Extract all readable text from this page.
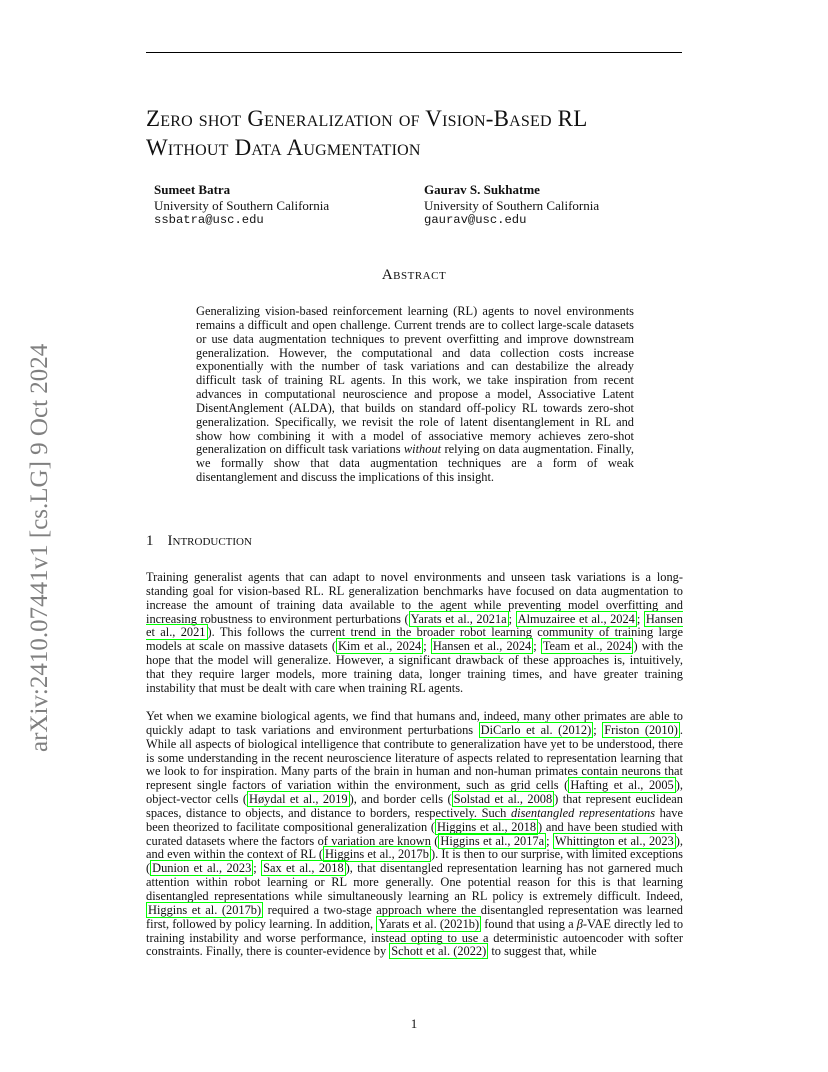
arXiv:2410.07441v1 [cs.LG] 9 Oct 2024
Zero shot Generalization of Vision-Based RL
Without Data Augmentation
Sumeet Batra
University of Southern California
ssbatra@usc.edu
Gaurav S. Sukhatme
University of Southern California
gaurav@usc.edu
Abstract
Generalizing vision-based reinforcement learning (RL) agents to novel environments remains a difficult and open challenge. Current trends are to collect large-scale datasets or use data augmentation techniques to prevent overfitting and improve downstream generalization. However, the computational and data collection costs increase exponentially with the number of task variations and can destabilize the already difficult task of training RL agents. In this work, we take inspiration from recent advances in computational neuroscience and propose a model, Associative Latent DisentAnglement (ALDA), that builds on standard off-policy RL towards zero-shot generalization. Specifically, we revisit the role of latent disentanglement in RL and show how combining it with a model of associative memory achieves zero-shot generalization on difficult task variations without relying on data augmentation. Finally, we formally show that data augmentation techniques are a form of weak disentanglement and discuss the implications of this insight.
1 Introduction
Training generalist agents that can adapt to novel environments and unseen task variations is a long-standing goal for vision-based RL. RL generalization benchmarks have focused on data augmentation to increase the amount of training data available to the agent while preventing model overfitting and increasing robustness to environment perturbations ( Yarats et al., 2021a ; Almuzairee et al., 2024 ; Hansen et al., 2021 ). This follows the current trend in the broader robot learning community of training large models at scale on massive datasets ( Kim et al., 2024 ; Hansen et al., 2024 ; Team et al., 2024 ) with the hope that the model will generalize. However, a significant drawback of these approaches is, intuitively, that they require larger models, more training data, longer training times, and have greater training instability that must be dealt with care when training RL agents.
Yet when we examine biological agents, we find that humans and, indeed, many other primates are able to quickly adapt to task variations and environment perturbations DiCarlo et al. (2012) ; Friston (2010) . While all aspects of biological intelligence that contribute to generalization have yet to be understood, there is some understanding in the recent neuroscience literature of aspects related to representation learning that we look to for inspiration. Many parts of the brain in human and non-human primates contain neurons that represent single factors of variation within the environment, such as grid cells ( Hafting et al., 2005 ), object-vector cells ( Høydal et al., 2019 ), and border cells ( Solstad et al., 2008 ) that represent euclidean spaces, distance to objects, and distance to borders, respectively. Such disentangled representations have been theorized to facilitate compositional generalization ( Higgins et al., 2018 ) and have been studied with curated datasets where the factors of variation are known ( Higgins et al., 2017a ; Whittington et al., 2023 ), and even within the context of RL ( Higgins et al., 2017b ). It is then to our surprise, with limited exceptions ( Dunion et al., 2023 ; Sax et al., 2018 ), that disentangled representation learning has not garnered much attention within robot learning or RL more generally. One potential reason for this is that learning disentangled representations while simultaneously learning an RL policy is extremely difficult. Indeed, Higgins et al. (2017b) required a two-stage approach where the disentangled representation was learned first, followed by policy learning. In addition, Yarats et al. (2021b) found that using a β-VAE directly led to training instability and worse performance, instead opting to use a deterministic autoencoder with softer constraints. Finally, there is counter-evidence by Schott et al. (2022) to suggest that, while
1
